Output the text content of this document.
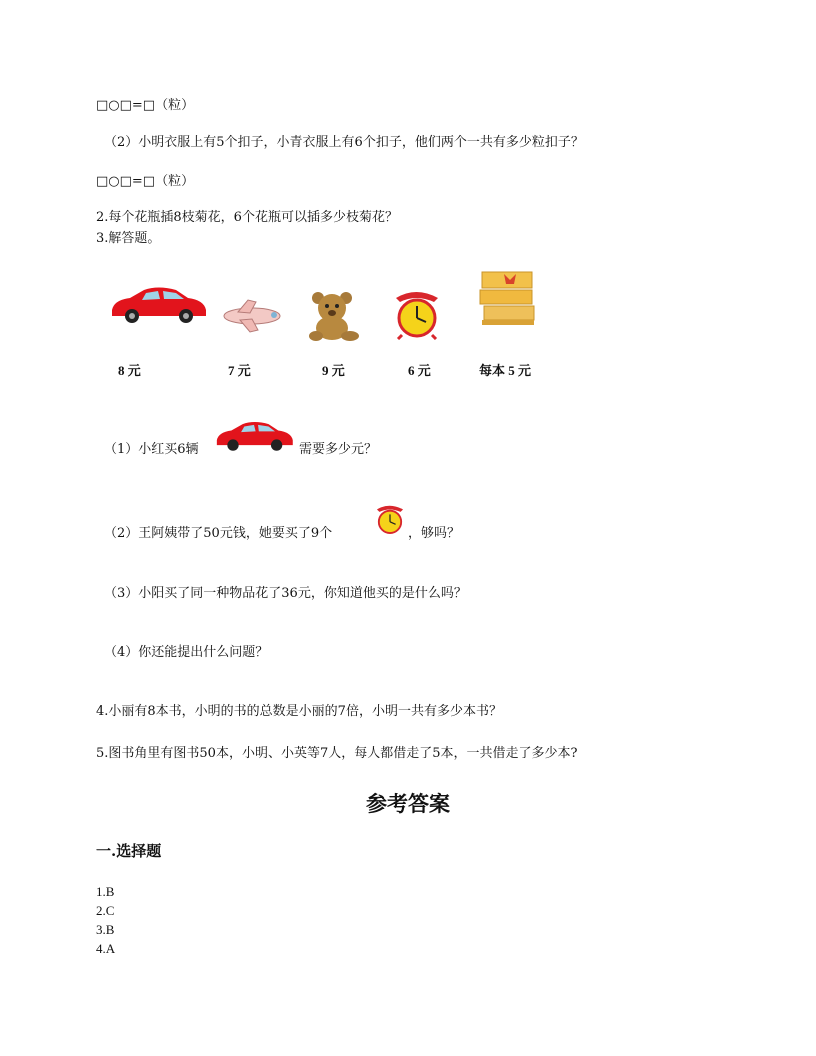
□○□=□（粒）
（2）小明衣服上有5个扣子，小青衣服上有6个扣子，他们两个一共有多少粒扣子？
□○□=□（粒）
2.每个花瓶插8枝菊花，6个花瓶可以插多少枝菊花？
3.解答题。
8 元	7 元	9 元	6 元	每本 5 元
（1）小红买6辆	需要多少元？
（2）王阿姨带了50元钱，她要买了9个	，够吗？
（3）小阳买了同一种物品花了36元，你知道他买的是什么吗？
（4）你还能提出什么问题？
4.小丽有8本书，小明的书的总数是小丽的7倍，小明一共有多少本书？
5.图书角里有图书50本，小明、小英等7人，每人都借走了5本，一共借走了多少本?
参考答案
一.选择题
1.B
2.C
3.B
4.A
